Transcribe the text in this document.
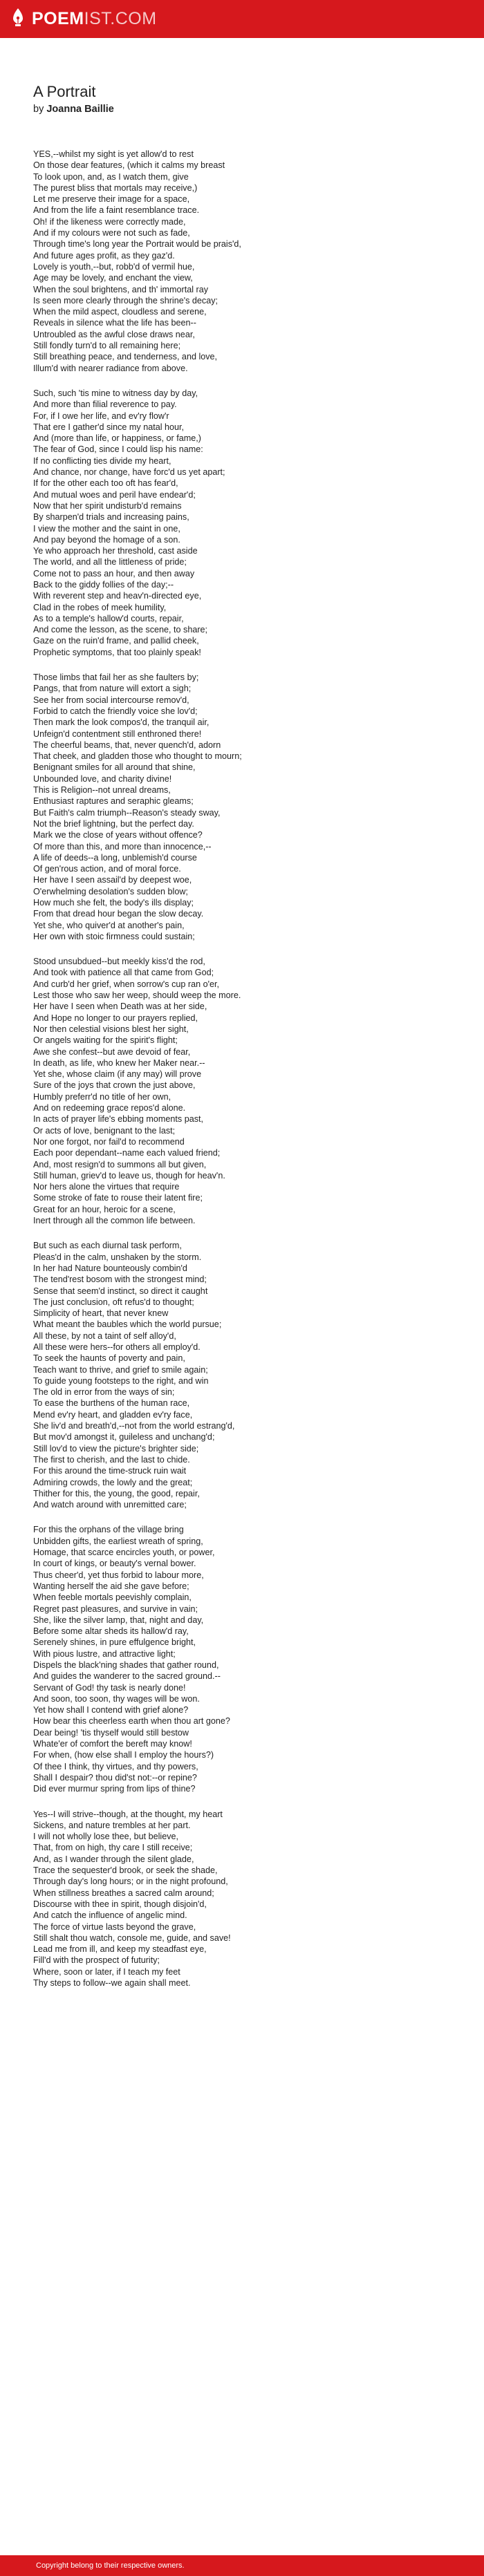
POEMIST.COM
A Portrait
by Joanna Baillie
YES,--whilst my sight is yet allow'd to rest
On those dear features, (which it calms my breast
To look upon, and, as I watch them, give
The purest bliss that mortals may receive,)
Let me preserve their image for a space,
And from the life a faint resemblance trace.
Oh! if the likeness were correctly made,
And if my colours were not such as fade,
Through time's long year the Portrait would be prais'd,
And future ages profit, as they gaz'd.
Lovely is youth,--but, robb'd of vermil hue,
Age may be lovely, and enchant the view,
When the soul brightens, and th' immortal ray
Is seen more clearly through the shrine's decay;
When the mild aspect, cloudless and serene,
Reveals in silence what the life has been--
Untroubled as the awful close draws near,
Still fondly turn'd to all remaining here;
Still breathing peace, and tenderness, and love,
Illum'd with nearer radiance from above.
Such, such 'tis mine to witness day by day,
And more than filial reverence to pay.
For, if I owe her life, and ev'ry flow'r
That ere I gather'd since my natal hour,
And (more than life, or happiness, or fame,)
The fear of God, since I could lisp his name:
If no conflicting ties divide my heart,
And chance, nor change, have forc'd us yet apart;
If for the other each too oft has fear'd,
And mutual woes and peril have endear'd;
Now that her spirit undisturb'd remains
By sharpen'd trials and increasing pains,
I view the mother and the saint in one,
And pay beyond the homage of a son.
Ye who approach her threshold, cast aside
The world, and all the littleness of pride;
Come not to pass an hour, and then away
Back to the giddy follies of the day;--
With reverent step and heav'n-directed eye,
Clad in the robes of meek humility,
As to a temple's hallow'd courts, repair,
And come the lesson, as the scene, to share;
Gaze on the ruin'd frame, and pallid cheek,
Prophetic symptoms, that too plainly speak!
Those limbs that fail her as she faulters by;
Pangs, that from nature will extort a sigh;
See her from social intercourse remov'd,
Forbid to catch the friendly voice she lov'd;
Then mark the look compos'd, the tranquil air,
Unfeign'd contentment still enthroned there!
The cheerful beams, that, never quench'd, adorn
That cheek, and gladden those who thought to mourn;
Benignant smiles for all around that shine,
Unbounded love, and charity divine!
This is Religion--not unreal dreams,
Enthusiast raptures and seraphic gleams;
But Faith's calm triumph--Reason's steady sway,
Not the brief lightning, but the perfect day.
Mark we the close of years without offence?
Of more than this, and more than innocence,--
A life of deeds--a long, unblemish'd course
Of gen'rous action, and of moral force.
Her have I seen assail'd by deepest woe,
O'erwhelming desolation's sudden blow;
How much she felt, the body's ills display;
From that dread hour began the slow decay.
Yet she, who quiver'd at another's pain,
Her own with stoic firmness could sustain;
Stood unsubdued--but meekly kiss'd the rod,
And took with patience all that came from God;
And curb'd her grief, when sorrow's cup ran o'er,
Lest those who saw her weep, should weep the more.
Her have I seen when Death was at her side,
And Hope no longer to our prayers replied,
Nor then celestial visions blest her sight,
Or angels waiting for the spirit's flight;
Awe she confest--but awe devoid of fear,
In death, as life, who knew her Maker near.--
Yet she, whose claim (if any may) will prove
Sure of the joys that crown the just above,
Humbly preferr'd no title of her own,
And on redeeming grace repos'd alone.
In acts of prayer life's ebbing moments past,
Or acts of love, benignant to the last;
Nor one forgot, nor fail'd to recommend
Each poor dependant--name each valued friend;
And, most resign'd to summons all but given,
Still human, griev'd to leave us, though for heav'n.
Nor hers alone the virtues that require
Some stroke of fate to rouse their latent fire;
Great for an hour, heroic for a scene,
Inert through all the common life between.
But such as each diurnal task perform,
Pleas'd in the calm, unshaken by the storm.
In her had Nature bounteously combin'd
The tend'rest bosom with the strongest mind;
Sense that seem'd instinct, so direct it caught
The just conclusion, oft refus'd to thought;
Simplicity of heart, that never knew
What meant the baubles which the world pursue;
All these, by not a taint of self alloy'd,
All these were hers--for others all employ'd.
To seek the haunts of poverty and pain,
Teach want to thrive, and grief to smile again;
To guide young footsteps to the right, and win
The old in error from the ways of sin;
To ease the burthens of the human race,
Mend ev'ry heart, and gladden ev'ry face,
She liv'd and breath'd,--not from the world estrang'd,
But mov'd amongst it, guileless and unchang'd;
Still lov'd to view the picture's brighter side;
The first to cherish, and the last to chide.
For this around the time-struck ruin wait
Admiring crowds, the lowly and the great;
Thither for this, the young, the good, repair,
And watch around with unremitted care;
For this the orphans of the village bring
Unbidden gifts, the earliest wreath of spring,
Homage, that scarce encircles youth, or power,
In court of kings, or beauty's vernal bower.
Thus cheer'd, yet thus forbid to labour more,
Wanting herself the aid she gave before;
When feeble mortals peevishly complain,
Regret past pleasures, and survive in vain;
She, like the silver lamp, that, night and day,
Before some altar sheds its hallow'd ray,
Serenely shines, in pure effulgence bright,
With pious lustre, and attractive light;
Dispels the black'ning shades that gather round,
And guides the wanderer to the sacred ground.--
Servant of God! thy task is nearly done!
And soon, too soon, thy wages will be won.
Yet how shall I contend with grief alone?
How bear this cheerless earth when thou art gone?
Dear being! 'tis thyself would still bestow
Whate'er of comfort the bereft may know!
For when, (how else shall I employ the hours?)
Of thee I think, thy virtues, and thy powers,
Shall I despair? thou did'st not:--or repine?
Did ever murmur spring from lips of thine?
Yes--I will strive--though, at the thought, my heart
Sickens, and nature trembles at her part.
I will not wholly lose thee, but believe,
That, from on high, thy care I still receive;
And, as I wander through the silent glade,
Trace the sequester'd brook, or seek the shade,
Through day's long hours; or in the night profound,
When stillness breathes a sacred calm around;
Discourse with thee in spirit, though disjoin'd,
And catch the influence of angelic mind.
The force of virtue lasts beyond the grave,
Still shalt thou watch, console me, guide, and save!
Lead me from ill, and keep my steadfast eye,
Fill'd with the prospect of futurity;
Where, soon or later, if I teach my feet
Thy steps to follow--we again shall meet.
Copyright belong to their respective owners.
